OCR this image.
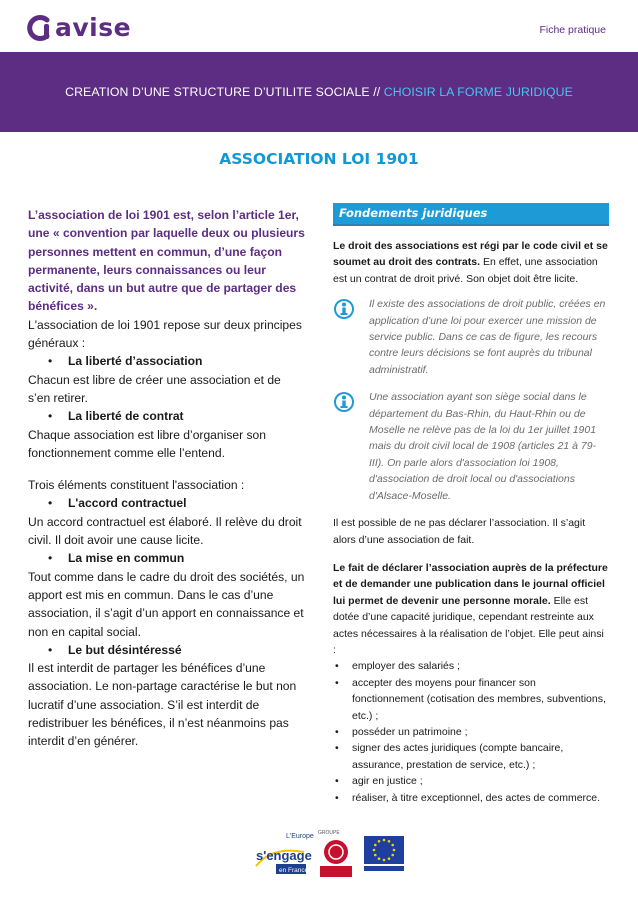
avise	Fiche pratique
CREATION D’UNE STRUCTURE D’UTILITE SOCIALE // CHOISIR LA FORME JURIDIQUE
ASSOCIATION LOI 1901

L’association de loi 1901 est, selon l’article 1er, une « convention par laquelle deux ou plusieurs personnes mettent en commun, d’une façon permanente, leurs connaissances ou leur activité, dans un but autre que de partager des bénéfices ».

L'association de loi 1901 repose sur deux principes généraux :

• La liberté d’association

Chacun est libre de créer une association et de s’en retirer.

• La liberté de contrat

Chaque association est libre d’organiser son fonctionnement comme elle l’entend.

Trois éléments constituent l'association :

• L'accord contractuel

Un accord contractuel est élaboré. Il relève du droit civil. Il doit avoir une cause licite.

• La mise en commun

Tout comme dans le cadre du droit des sociétés, un apport est mis en commun. Dans le cas d’une association, il s’agit d’un apport en connaissance et non en capital social.

• Le but désintéressé

Il est interdit de partager les bénéfices d’une association. Le non-partage caractérise le but non lucratif d’une association. S’il est interdit de redistribuer les bénéfices, il n’est néanmoins pas interdit d’en générer.

Fondements juridiques

Le droit des associations est régi par le code civil et se soumet au droit des contrats. En effet, une association est un contrat de droit privé. Son objet doit être licite.

Il existe des associations de droit public, créées en application d’une loi pour exercer une mission de service public. Dans ce cas de figure, les recours contre leurs décisions se font auprès du tribunal administratif.
Une association ayant son siège social dans le département du Bas-Rhin, du Haut-Rhin ou de Moselle ne relève pas de la loi du 1er juillet 1901 mais du droit civil local de 1908 (articles 21 à 79-III). On parle alors d'association loi 1908, d'association de droit local ou d'associations d'Alsace-Moselle.

Il est possible de ne pas déclarer l’association. Il s’agit alors d’une association de fait.

Le fait de déclarer l’association auprès de la préfecture et de demander une publication dans le journal officiel lui permet de devenir une personne morale. Elle est dotée d’une capacité juridique, cependant restreinte aux actes nécessaires à la réalisation de l’objet. Elle peut ainsi :

•	employer des salariés ;
•	accepter des moyens pour financer son fonctionnement (cotisation des membres, subventions, etc.) ;
•	posséder un patrimoine ;
•	signer des actes juridiques (compte bancaire, assurance, prestation de service, etc.) ;
•	agir en justice ;
•	réaliser, à titre exceptionnel, des actes de commerce.
L'Europe
s'engage
en France
GROUPE
